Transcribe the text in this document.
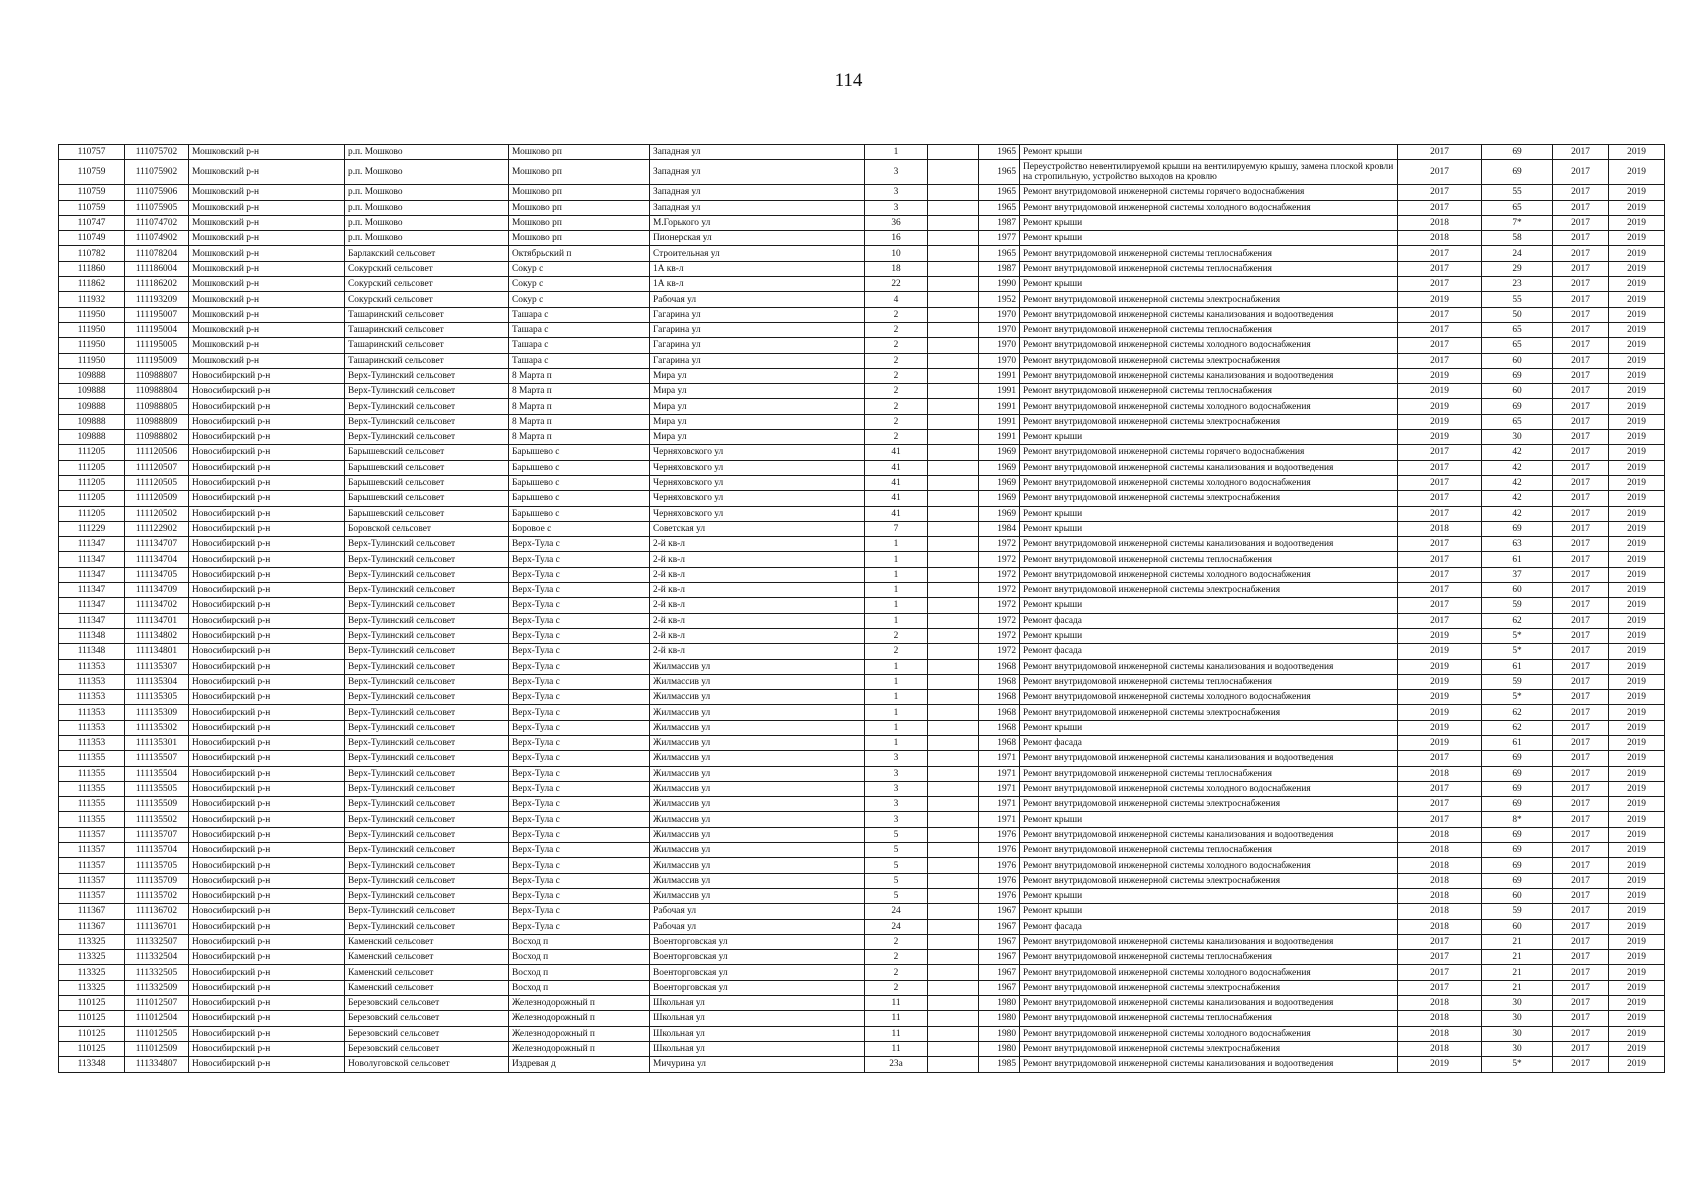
114
110757	111075702	Мошковский р-н	р.п. Мошково	Мошково рп	Западная ул	1		1965	Ремонт крыши	2017	69	2017	2019
110759	111075902	Мошковский р-н	р.п. Мошково	Мошково рп	Западная ул	3		1965	Переустройство невентилируемой крыши на вентилируемую крышу, замена плоской кровли на стропильную, устройство выходов на кровлю	2017	69	2017	2019
110759	111075906	Мошковский р-н	р.п. Мошково	Мошково рп	Западная ул	3		1965	Ремонт внутридомовой инженерной системы горячего водоснабжения	2017	55	2017	2019
110759	111075905	Мошковский р-н	р.п. Мошково	Мошково рп	Западная ул	3		1965	Ремонт внутридомовой инженерной системы холодного водоснабжения	2017	65	2017	2019
110747	111074702	Мошковский р-н	р.п. Мошково	Мошково рп	М.Горького ул	36		1987	Ремонт крыши	2018	7*	2017	2019
110749	111074902	Мошковский р-н	р.п. Мошково	Мошково рп	Пионерская ул	16		1977	Ремонт крыши	2018	58	2017	2019
110782	111078204	Мошковский р-н	Барлакский сельсовет	Октябрьский п	Строительная ул	10		1965	Ремонт внутридомовой инженерной системы теплоснабжения	2017	24	2017	2019
111860	111186004	Мошковский р-н	Сокурский сельсовет	Сокур с	1А кв-л	18		1987	Ремонт внутридомовой инженерной системы теплоснабжения	2017	29	2017	2019
111862	111186202	Мошковский р-н	Сокурский сельсовет	Сокур с	1А кв-л	22		1990	Ремонт крыши	2017	23	2017	2019
111932	111193209	Мошковский р-н	Сокурский сельсовет	Сокур с	Рабочая ул	4		1952	Ремонт внутридомовой инженерной системы электроснабжения	2019	55	2017	2019
111950	111195007	Мошковский р-н	Ташаринский сельсовет	Ташара с	Гагарина ул	2		1970	Ремонт внутридомовой инженерной системы канализования и водоотведения	2017	50	2017	2019
111950	111195004	Мошковский р-н	Ташаринский сельсовет	Ташара с	Гагарина ул	2		1970	Ремонт внутридомовой инженерной системы теплоснабжения	2017	65	2017	2019
111950	111195005	Мошковский р-н	Ташаринский сельсовет	Ташара с	Гагарина ул	2		1970	Ремонт внутридомовой инженерной системы холодного водоснабжения	2017	65	2017	2019
111950	111195009	Мошковский р-н	Ташаринский сельсовет	Ташара с	Гагарина ул	2		1970	Ремонт внутридомовой инженерной системы электроснабжения	2017	60	2017	2019
109888	110988807	Новосибирский р-н	Верх-Тулинский сельсовет	8 Марта п	Мира ул	2		1991	Ремонт внутридомовой инженерной системы канализования и водоотведения	2019	69	2017	2019
109888	110988804	Новосибирский р-н	Верх-Тулинский сельсовет	8 Марта п	Мира ул	2		1991	Ремонт внутридомовой инженерной системы теплоснабжения	2019	60	2017	2019
109888	110988805	Новосибирский р-н	Верх-Тулинский сельсовет	8 Марта п	Мира ул	2		1991	Ремонт внутридомовой инженерной системы холодного водоснабжения	2019	69	2017	2019
109888	110988809	Новосибирский р-н	Верх-Тулинский сельсовет	8 Марта п	Мира ул	2		1991	Ремонт внутридомовой инженерной системы электроснабжения	2019	65	2017	2019
109888	110988802	Новосибирский р-н	Верх-Тулинский сельсовет	8 Марта п	Мира ул	2		1991	Ремонт крыши	2019	30	2017	2019
111205	111120506	Новосибирский р-н	Барышевский сельсовет	Барышево с	Черняховского ул	41		1969	Ремонт внутридомовой инженерной системы горячего водоснабжения	2017	42	2017	2019
111205	111120507	Новосибирский р-н	Барышевский сельсовет	Барышево с	Черняховского ул	41		1969	Ремонт внутридомовой инженерной системы канализования и водоотведения	2017	42	2017	2019
111205	111120505	Новосибирский р-н	Барышевский сельсовет	Барышево с	Черняховского ул	41		1969	Ремонт внутридомовой инженерной системы холодного водоснабжения	2017	42	2017	2019
111205	111120509	Новосибирский р-н	Барышевский сельсовет	Барышево с	Черняховского ул	41		1969	Ремонт внутридомовой инженерной системы электроснабжения	2017	42	2017	2019
111205	111120502	Новосибирский р-н	Барышевский сельсовет	Барышево с	Черняховского ул	41		1969	Ремонт крыши	2017	42	2017	2019
111229	111122902	Новосибирский р-н	Боровской сельсовет	Боровое с	Советская ул	7		1984	Ремонт крыши	2018	69	2017	2019
111347	111134707	Новосибирский р-н	Верх-Тулинский сельсовет	Верх-Тула с	2-й кв-л	1		1972	Ремонт внутридомовой инженерной системы канализования и водоотведения	2017	63	2017	2019
111347	111134704	Новосибирский р-н	Верх-Тулинский сельсовет	Верх-Тула с	2-й кв-л	1		1972	Ремонт внутридомовой инженерной системы теплоснабжения	2017	61	2017	2019
111347	111134705	Новосибирский р-н	Верх-Тулинский сельсовет	Верх-Тула с	2-й кв-л	1		1972	Ремонт внутридомовой инженерной системы холодного водоснабжения	2017	37	2017	2019
111347	111134709	Новосибирский р-н	Верх-Тулинский сельсовет	Верх-Тула с	2-й кв-л	1		1972	Ремонт внутридомовой инженерной системы электроснабжения	2017	60	2017	2019
111347	111134702	Новосибирский р-н	Верх-Тулинский сельсовет	Верх-Тула с	2-й кв-л	1		1972	Ремонт крыши	2017	59	2017	2019
111347	111134701	Новосибирский р-н	Верх-Тулинский сельсовет	Верх-Тула с	2-й кв-л	1		1972	Ремонт фасада	2017	62	2017	2019
111348	111134802	Новосибирский р-н	Верх-Тулинский сельсовет	Верх-Тула с	2-й кв-л	2		1972	Ремонт крыши	2019	5*	2017	2019
111348	111134801	Новосибирский р-н	Верх-Тулинский сельсовет	Верх-Тула с	2-й кв-л	2		1972	Ремонт фасада	2019	5*	2017	2019
111353	111135307	Новосибирский р-н	Верх-Тулинский сельсовет	Верх-Тула с	Жилмассив ул	1		1968	Ремонт внутридомовой инженерной системы канализования и водоотведения	2019	61	2017	2019
111353	111135304	Новосибирский р-н	Верх-Тулинский сельсовет	Верх-Тула с	Жилмассив ул	1		1968	Ремонт внутридомовой инженерной системы теплоснабжения	2019	59	2017	2019
111353	111135305	Новосибирский р-н	Верх-Тулинский сельсовет	Верх-Тула с	Жилмассив ул	1		1968	Ремонт внутридомовой инженерной системы холодного водоснабжения	2019	5*	2017	2019
111353	111135309	Новосибирский р-н	Верх-Тулинский сельсовет	Верх-Тула с	Жилмассив ул	1		1968	Ремонт внутридомовой инженерной системы электроснабжения	2019	62	2017	2019
111353	111135302	Новосибирский р-н	Верх-Тулинский сельсовет	Верх-Тула с	Жилмассив ул	1		1968	Ремонт крыши	2019	62	2017	2019
111353	111135301	Новосибирский р-н	Верх-Тулинский сельсовет	Верх-Тула с	Жилмассив ул	1		1968	Ремонт фасада	2019	61	2017	2019
111355	111135507	Новосибирский р-н	Верх-Тулинский сельсовет	Верх-Тула с	Жилмассив ул	3		1971	Ремонт внутридомовой инженерной системы канализования и водоотведения	2017	69	2017	2019
111355	111135504	Новосибирский р-н	Верх-Тулинский сельсовет	Верх-Тула с	Жилмассив ул	3		1971	Ремонт внутридомовой инженерной системы теплоснабжения	2018	69	2017	2019
111355	111135505	Новосибирский р-н	Верх-Тулинский сельсовет	Верх-Тула с	Жилмассив ул	3		1971	Ремонт внутридомовой инженерной системы холодного водоснабжения	2017	69	2017	2019
111355	111135509	Новосибирский р-н	Верх-Тулинский сельсовет	Верх-Тула с	Жилмассив ул	3		1971	Ремонт внутридомовой инженерной системы электроснабжения	2017	69	2017	2019
111355	111135502	Новосибирский р-н	Верх-Тулинский сельсовет	Верх-Тула с	Жилмассив ул	3		1971	Ремонт крыши	2017	8*	2017	2019
111357	111135707	Новосибирский р-н	Верх-Тулинский сельсовет	Верх-Тула с	Жилмассив ул	5		1976	Ремонт внутридомовой инженерной системы канализования и водоотведения	2018	69	2017	2019
111357	111135704	Новосибирский р-н	Верх-Тулинский сельсовет	Верх-Тула с	Жилмассив ул	5		1976	Ремонт внутридомовой инженерной системы теплоснабжения	2018	69	2017	2019
111357	111135705	Новосибирский р-н	Верх-Тулинский сельсовет	Верх-Тула с	Жилмассив ул	5		1976	Ремонт внутридомовой инженерной системы холодного водоснабжения	2018	69	2017	2019
111357	111135709	Новосибирский р-н	Верх-Тулинский сельсовет	Верх-Тула с	Жилмассив ул	5		1976	Ремонт внутридомовой инженерной системы электроснабжения	2018	69	2017	2019
111357	111135702	Новосибирский р-н	Верх-Тулинский сельсовет	Верх-Тула с	Жилмассив ул	5		1976	Ремонт крыши	2018	60	2017	2019
111367	111136702	Новосибирский р-н	Верх-Тулинский сельсовет	Верх-Тула с	Рабочая ул	24		1967	Ремонт крыши	2018	59	2017	2019
111367	111136701	Новосибирский р-н	Верх-Тулинский сельсовет	Верх-Тула с	Рабочая ул	24		1967	Ремонт фасада	2018	60	2017	2019
113325	111332507	Новосибирский р-н	Каменский сельсовет	Восход п	Военторговская ул	2		1967	Ремонт внутридомовой инженерной системы канализования и водоотведения	2017	21	2017	2019
113325	111332504	Новосибирский р-н	Каменский сельсовет	Восход п	Военторговская ул	2		1967	Ремонт внутридомовой инженерной системы теплоснабжения	2017	21	2017	2019
113325	111332505	Новосибирский р-н	Каменский сельсовет	Восход п	Военторговская ул	2		1967	Ремонт внутридомовой инженерной системы холодного водоснабжения	2017	21	2017	2019
113325	111332509	Новосибирский р-н	Каменский сельсовет	Восход п	Военторговская ул	2		1967	Ремонт внутридомовой инженерной системы электроснабжения	2017	21	2017	2019
110125	111012507	Новосибирский р-н	Березовский сельсовет	Железнодорожный п	Школьная ул	11		1980	Ремонт внутридомовой инженерной системы канализования и водоотведения	2018	30	2017	2019
110125	111012504	Новосибирский р-н	Березовский сельсовет	Железнодорожный п	Школьная ул	11		1980	Ремонт внутридомовой инженерной системы теплоснабжения	2018	30	2017	2019
110125	111012505	Новосибирский р-н	Березовский сельсовет	Железнодорожный п	Школьная ул	11		1980	Ремонт внутридомовой инженерной системы холодного водоснабжения	2018	30	2017	2019
110125	111012509	Новосибирский р-н	Березовский сельсовет	Железнодорожный п	Школьная ул	11		1980	Ремонт внутридомовой инженерной системы электроснабжения	2018	30	2017	2019
113348	111334807	Новосибирский р-н	Новолуговской сельсовет	Издревая д	Мичурина ул	23а		1985	Ремонт внутридомовой инженерной системы канализования и водоотведения	2019	5*	2017	2019
